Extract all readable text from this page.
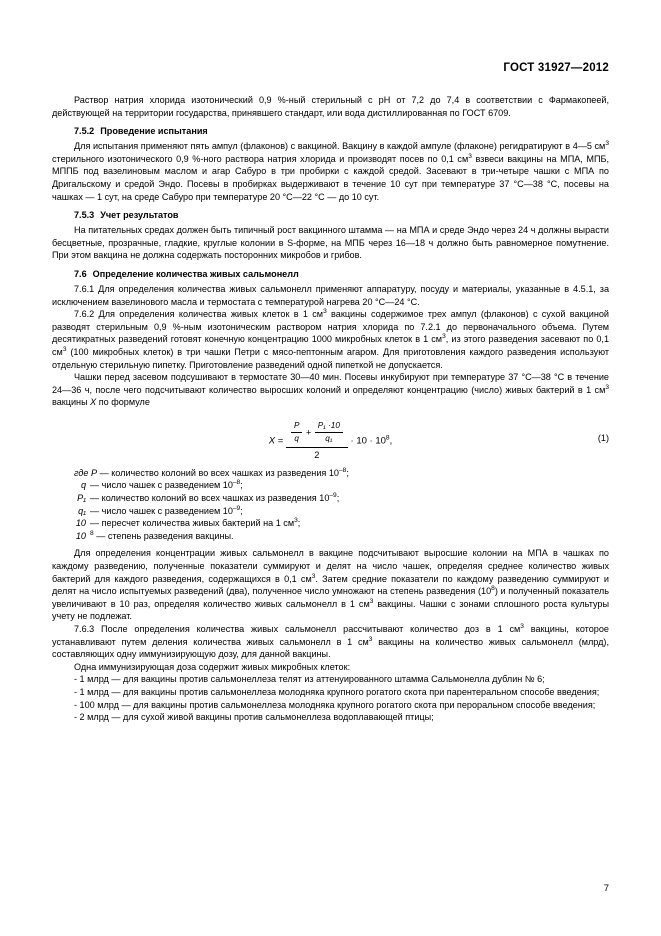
ГОСТ 31927—2012

Раствор натрия хлорида изотонический 0,9 %-ный стерильный с рН от 7,2 до 7,4 в соответствии с Фармакопеей, действующей на территории государства, принявшего стандарт, или вода дистиллированная по ГОСТ 6709.

7.5.2 Проведение испытания

Для испытания применяют пять ампул (флаконов) с вакциной. Вакцину в каждой ампуле (флаконе) регидратируют в 4—5 $см^3$ стерильного изотонического 0,9 %-ного раствора натрия хлорида и производят посев по 0,1 $см^3$ взвеси вакцины на МПА, МПБ, МППБ под вазелиновым маслом и агар Сабуро в три пробирки с каждой средой. Засевают в три-четыре чашки с МПА по Дригальскому и средой Эндо. Посевы в пробирках выдерживают в течение 10 сут при температуре 37 °С—38 °С, посевы на чашках — 1 сут, на среде Сабуро при температуре 20 °С—22 °С — до 10 сут.

7.5.3 Учет результатов

На питательных средах должен быть типичный рост вакцинного штамма — на МПА и среде Эндо через 24 ч должны вырасти бесцветные, прозрачные, гладкие, круглые колонии в S-форме, на МПБ через 16—18 ч должно быть равномерное помутнение. При этом вакцина не должна содержать посторонних микробов и грибов.

7.6 Определение количества живых сальмонелл

7.6.1 Для определения количества живых сальмонелл применяют аппаратуру, посуду и материалы, указанные в 4.5.1, за исключением вазелинового масла и термостата с температурой нагрева 20 °С—24 °С.

7.6.2 Для определения количества живых клеток в 1 $см^3$ вакцины содержимое трех ампул (флаконов) с сухой вакциной разводят стерильным 0,9 %-ным изотоническим раствором натрия хлорида по 7.2.1 до первоначального объема. Путем десятикратных разведений готовят конечную концентрацию 1000 микробных клеток в 1 $см^3$, из этого разведения засевают по 0,1 $см^3$ (100 микробных клеток) в три чашки Петри с мясо-пептонным агаром. Для приготовления каждого разведения используют отдельную стерильную пипетку. Приготовление разведений одной пипеткой не допускается.

Чашки перед засевом подсушивают в термостате 30—40 мин. Посевы инкубируют при температуре 37 °С—38 °С в течение 24—36 ч, после чего подсчитывают количество выросших колоний и определяют концентрацию (число) живых бактерий в 1 $см^3$ вакцины X по формуле

$X = \frac{P}{q} + \frac{\text{P₁ ·10}}{\text{q₁}}$
2
· $10 \cdot 10^8$,	(1)
где Р — количество колоний во всех чашках из разведения $10^{-8}$;
q — число чашек с разведением $10^{-8}$;
Р₁ — количество колоний во всех чашках из разведения $10^{-9}$;
q₁ — число чашек с разведением $10^{-9}$;
10 — пересчет количества живых бактерий на 1 $см^3$;
10 $^8$ — степень разведения вакцины.

Для определения концентрации живых сальмонелл в вакцине подсчитывают выросшие колонии на МПА в чашках по каждому разведению, полученные показатели суммируют и делят на число чашек, определяя среднее количество живых бактерий для каждого разведения, содержащихся в 0,1 $см^3$. Затем средние показатели по каждому разведению суммируют и делят на число испытуемых разведений (два), полученное число умножают на степень разведения $(10^8)$ и полученный показатель увеличивают в 10 раз, определяя количество живых сальмонелл в 1 $см^3$ вакцины. Чашки с зонами сплошного роста культуры учету не подлежат.

7.6.3 После определения количества живых сальмонелл рассчитывают количество доз в 1 $см^3$ вакцины, которое устанавливают путем деления количества живых сальмонелл в 1 $см^3$ вакцины на количество живых сальмонелл (млрд), составляющих одну иммунизирующую дозу, для данной вакцины.

Одна иммунизирующая доза содержит живых микробных клеток:

- 1 млрд — для вакцины против сальмонеллеза телят из аттенуированного штамма Сальмонелла дублин № 6;

- 1 млрд — для вакцины против сальмонеллеза молодняка крупного рогатого скота при парентеральном способе введения;

- 100 млрд — для вакцины против сальмонеллеза молодняка крупного рогатого скота при пероральном способе введения;

- 2 млрд — для сухой живой вакцины против сальмонеллеза водоплавающей птицы;

7
